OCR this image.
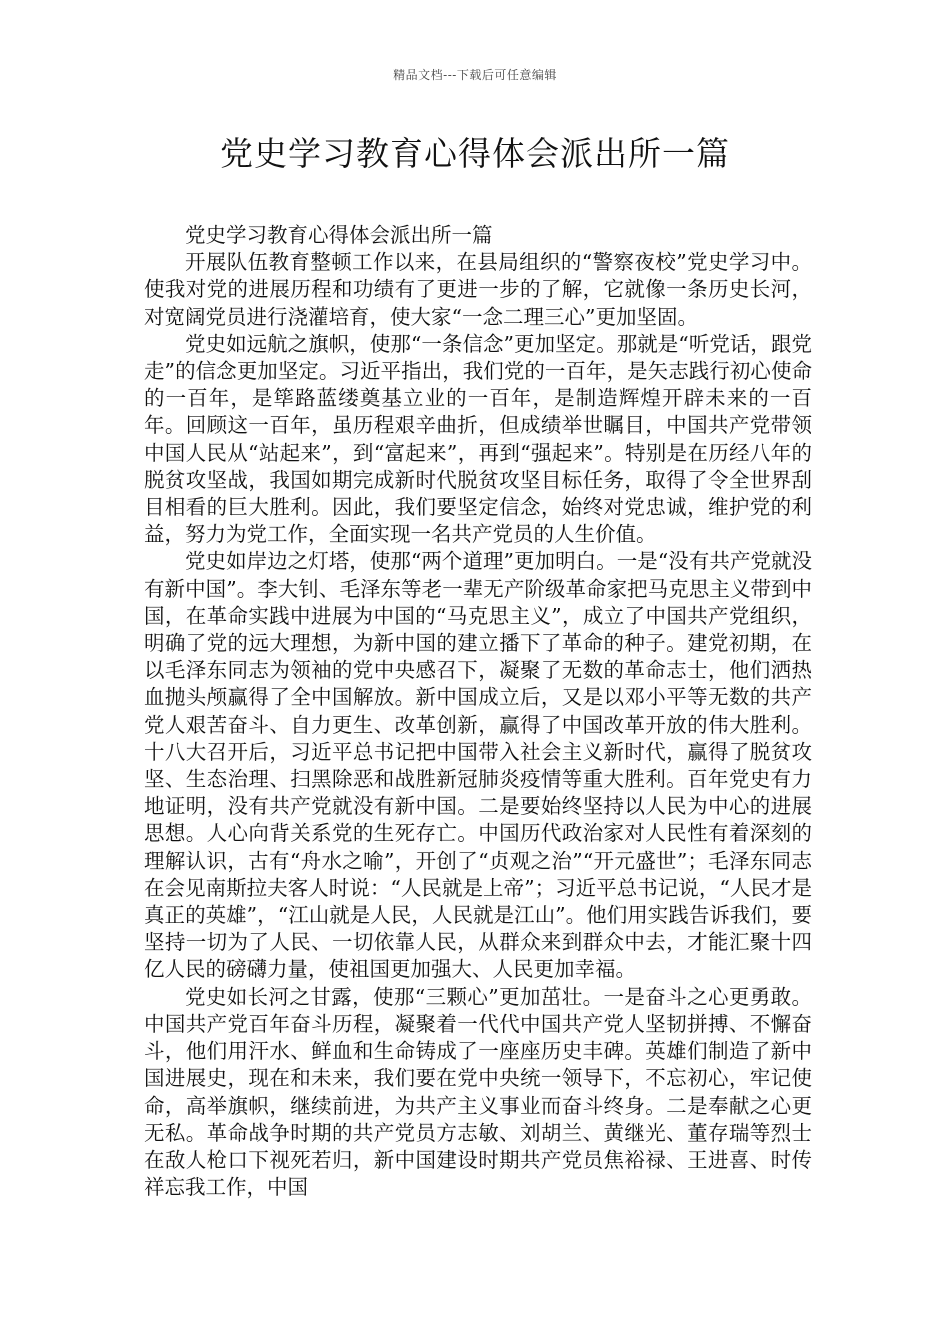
精品文档---下载后可任意编辑
党史学习教育心得体会派出所一篇

党史学习教育心得体会派出所一篇

开展队伍教育整顿工作以来，在县局组织的“警察夜校”党史学习中。使我对党的进展历程和功绩有了更进一步的了解，它就像一条历史长河，对宽阔党员进行浇灌培育，使大家“一念二理三心”更加坚固。

党史如远航之旗帜，使那“一条信念”更加坚定。那就是“听党话，跟党走”的信念更加坚定。习近平指出，我们党的一百年，是矢志践行初心使命的一百年，是筚路蓝缕奠基立业的一百年，是制造辉煌开辟未来的一百年。回顾这一百年，虽历程艰辛曲折，但成绩举世瞩目，中国共产党带领中国人民从“站起来”，到“富起来”，再到“强起来”。特别是在历经八年的脱贫攻坚战，我国如期完成新时代脱贫攻坚目标任务，取得了令全世界刮目相看的巨大胜利。因此，我们要坚定信念，始终对党忠诚，维护党的利益，努力为党工作，全面实现一名共产党员的人生价值。

党史如岸边之灯塔，使那“两个道理”更加明白。一是“没有共产党就没有新中国”。李大钊、毛泽东等老一辈无产阶级革命家把马克思主义带到中国，在革命实践中进展为中国的“马克思主义”，成立了中国共产党组织，明确了党的远大理想，为新中国的建立播下了革命的种子。建党初期，在以毛泽东同志为领袖的党中央感召下，凝聚了无数的革命志士，他们洒热血抛头颅赢得了全中国解放。新中国成立后，又是以邓小平等无数的共产党人艰苦奋斗、自力更生、改革创新，赢得了中国改革开放的伟大胜利。十八大召开后，习近平总书记把中国带入社会主义新时代，赢得了脱贫攻坚、生态治理、扫黑除恶和战胜新冠肺炎疫情等重大胜利。百年党史有力地证明，没有共产党就没有新中国。二是要始终坚持以人民为中心的进展思想。人心向背关系党的生死存亡。中国历代政治家对人民性有着深刻的理解认识，古有“舟水之喻”，开创了“贞观之治”“开元盛世”；毛泽东同志在会见南斯拉夫客人时说：“人民就是上帝”；习近平总书记说，“人民才是真正的英雄”，“江山就是人民，人民就是江山”。他们用实践告诉我们，要坚持一切为了人民、一切依靠人民，从群众来到群众中去，才能汇聚十四亿人民的磅礴力量，使祖国更加强大、人民更加幸福。

党史如长河之甘露，使那“三颗心”更加茁壮。一是奋斗之心更勇敢。中国共产党百年奋斗历程，凝聚着一代代中国共产党人坚韧拼搏、不懈奋斗，他们用汗水、鲜血和生命铸成了一座座历史丰碑。英雄们制造了新中国进展史，现在和未来，我们要在党中央统一领导下，不忘初心，牢记使命，高举旗帜，继续前进，为共产主义事业而奋斗终身。二是奉献之心更无私。革命战争时期的共产党员方志敏、刘胡兰、黄继光、董存瑞等烈士在敌人枪口下视死若归，新中国建设时期共产党员焦裕禄、王进喜、时传祥忘我工作，中国
